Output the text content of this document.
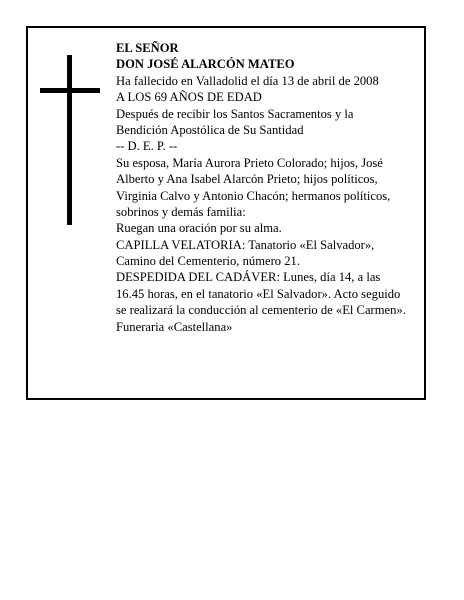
EL SEÑOR
DON JOSÉ ALARCÓN MATEO
Ha fallecido en Valladolid el día 13 de abril de 2008
A LOS 69 AÑOS DE EDAD
Después de recibir los Santos Sacramentos y la
Bendición Apostólica de Su Santidad
-- D. E. P. --
Su esposa, María Aurora Prieto Colorado; hijos, José
Alberto y Ana Isabel Alarcón Prieto; hijos políticos,
Virginia Calvo y Antonio Chacón; hermanos políticos,
sobrinos y demás familia:
Ruegan una oración por su alma.
CAPILLA VELATORIA: Tanatorio «El Salvador»,
Camino del Cementerio, número 21.
DESPEDIDA DEL CADÁVER: Lunes, día 14, a las
16.45 horas, en el tanatorio «El Salvador». Acto seguido
se realizará la conducción al cementerio de «El Carmen».
Funeraria «Castellana»
